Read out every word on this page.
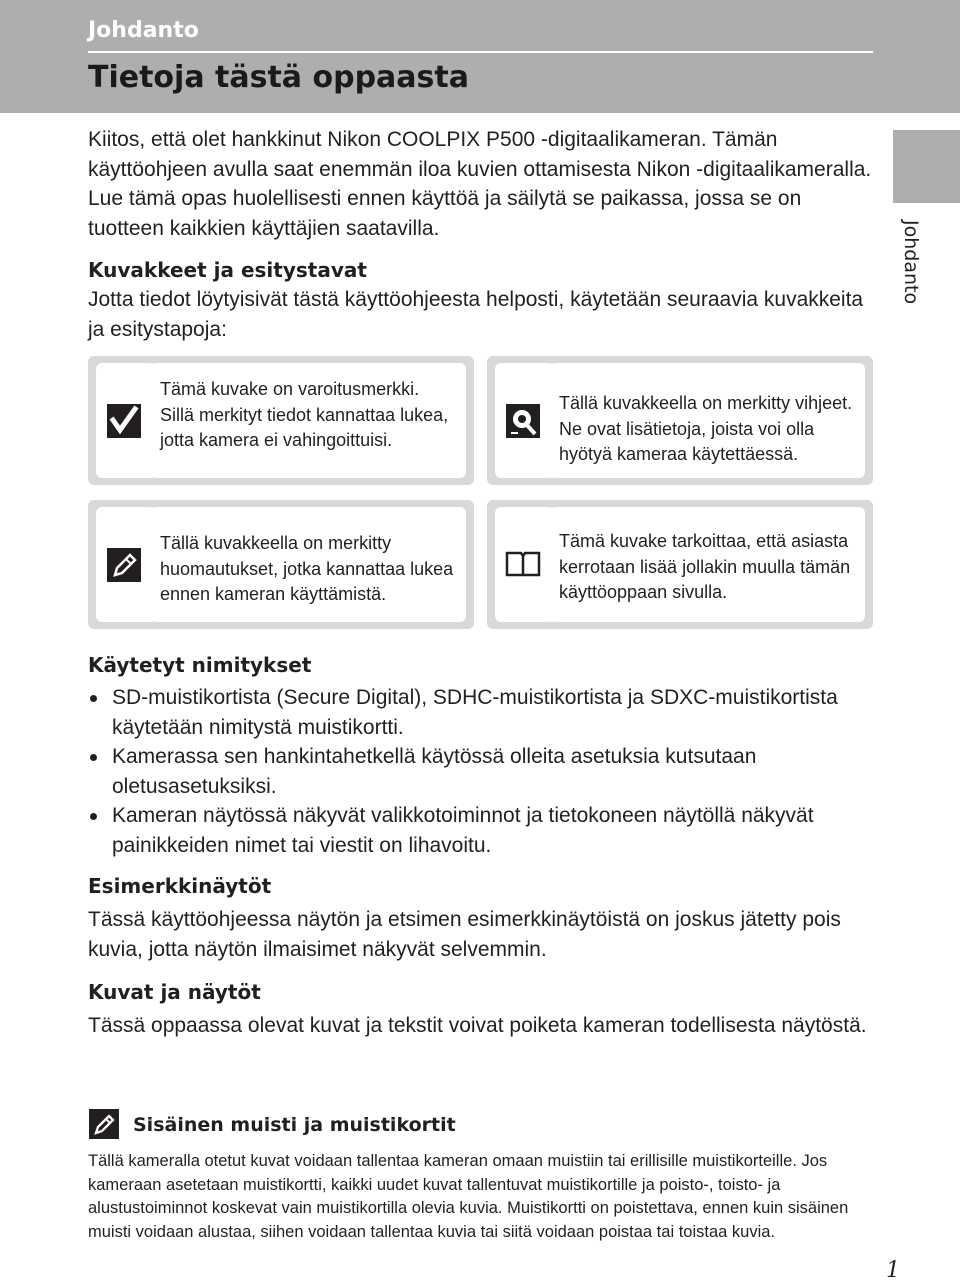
Johdanto
Tietoja tästä oppaasta
Johdanto

Kiitos, että olet hankkinut Nikon COOLPIX P500 -digitaalikameran. Tämän käyttöohjeen avulla saat enemmän iloa kuvien ottamisesta Nikon -digitaalikameralla. Lue tämä opas huolellisesti ennen käyttöä ja säilytä se paikassa, jossa se on tuotteen kaikkien käyttäjien saatavilla.

Kuvakkeet ja esitystavat

Jotta tiedot löytyisivät tästä käyttöohjeesta helposti, käytetään seuraavia kuvakkeita ja esitystapoja:

Tämä kuvake on varoitusmerkki. Sillä merkityt tiedot kannattaa lukea, jotta kamera ei vahingoittuisi.
Tällä kuvakkeella on merkitty vihjeet. Ne ovat lisätietoja, joista voi olla hyötyä kameraa käytettäessä.
Tällä kuvakkeella on merkitty huomautukset, jotka kannattaa lukea ennen kameran käyttämistä.
Tämä kuvake tarkoittaa, että asiasta kerrotaan lisää jollakin muulla tämän käyttöoppaan sivulla.
Käytetyt nimitykset
SD-muistikortista (Secure Digital), SDHC-muistikortista ja SDXC-muistikortista käytetään nimitystä muistikortti.
Kamerassa sen hankintahetkellä käytössä olleita asetuksia kutsutaan oletusasetuksiksi.
Kameran näytössä näkyvät valikkotoiminnot ja tietokoneen näytöllä näkyvät painikkeiden nimet tai viestit on lihavoitu.
Esimerkkinäytöt

Tässä käyttöohjeessa näytön ja etsimen esimerkkinäytöistä on joskus jätetty pois kuvia, jotta näytön ilmaisimet näkyvät selvemmin.

Kuvat ja näytöt

Tässä oppaassa olevat kuvat ja tekstit voivat poiketa kameran todellisesta näytöstä.

Sisäinen muisti ja muistikortit

Tällä kameralla otetut kuvat voidaan tallentaa kameran omaan muistiin tai erillisille muistikorteille. Jos kameraan asetetaan muistikortti, kaikki uudet kuvat tallentuvat muistikortille ja poisto-, toisto- ja alustustoiminnot koskevat vain muistikortilla olevia kuvia. Muistikortti on poistettava, ennen kuin sisäinen muisti voidaan alustaa, siihen voidaan tallentaa kuvia tai siitä voidaan poistaa tai toistaa kuvia.

1
